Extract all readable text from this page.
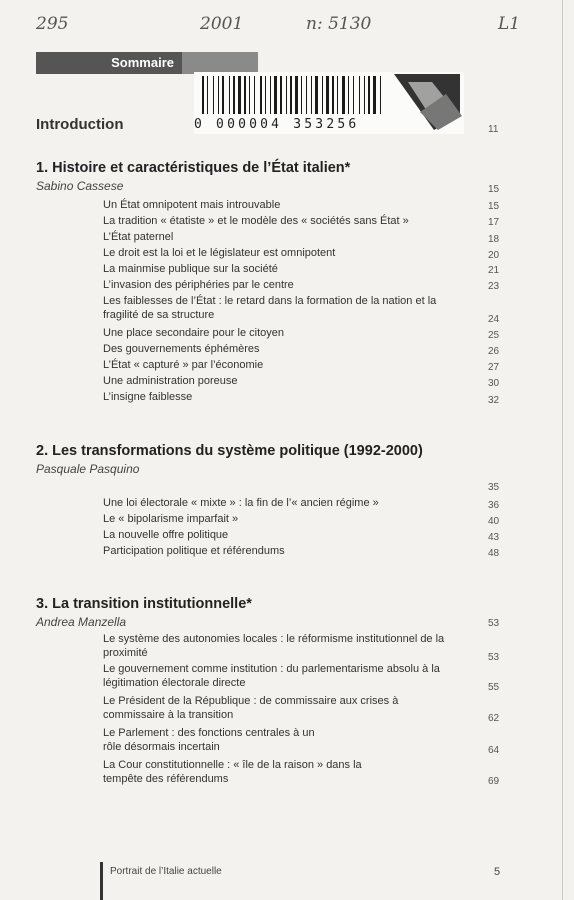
295	2001	n: 5130	L1
Sommaire
0 000004 353256
Introduction	11
1. Histoire et caractéristiques de l’État italien*
Sabino Cassese	15
Un État omnipotent mais introuvable	15
La tradition « étatiste » et le modèle des « sociétés sans État »	17
L’État paternel	18
Le droit est la loi et le législateur est omnipotent	20
La mainmise publique sur la société	21
L’invasion des périphéries par le centre	23
Les faiblesses de l’État : le retard dans la formation de la nation et la fragilité de sa structure	24
Une place secondaire pour le citoyen	25
Des gouvernements éphémères	26
L’État « capturé » par l’économie	27
Une administration poreuse	30
L’insigne faiblesse	32
2. Les transformations du système politique (1992-2000)
Pasquale Pasquino
35
Une loi électorale « mixte » : la fin de l’« ancien régime »	36
Le « bipolarisme imparfait »	40
La nouvelle offre politique	43
Participation politique et référendums	48
3. La transition institutionnelle*
Andrea Manzella	53
Le système des autonomies locales : le réformisme institutionnel de la proximité	53
Le gouvernement comme institution : du parlementarisme absolu à la légitimation électorale directe	55
Le Président de la République : de commissaire aux crises à commissaire à la transition	62
Le Parlement : des fonctions centrales à un rôle désormais incertain	64
La Cour constitutionnelle : « île de la raison » dans la tempête des référendums	69
Portrait de l’Italie actuelle	5
